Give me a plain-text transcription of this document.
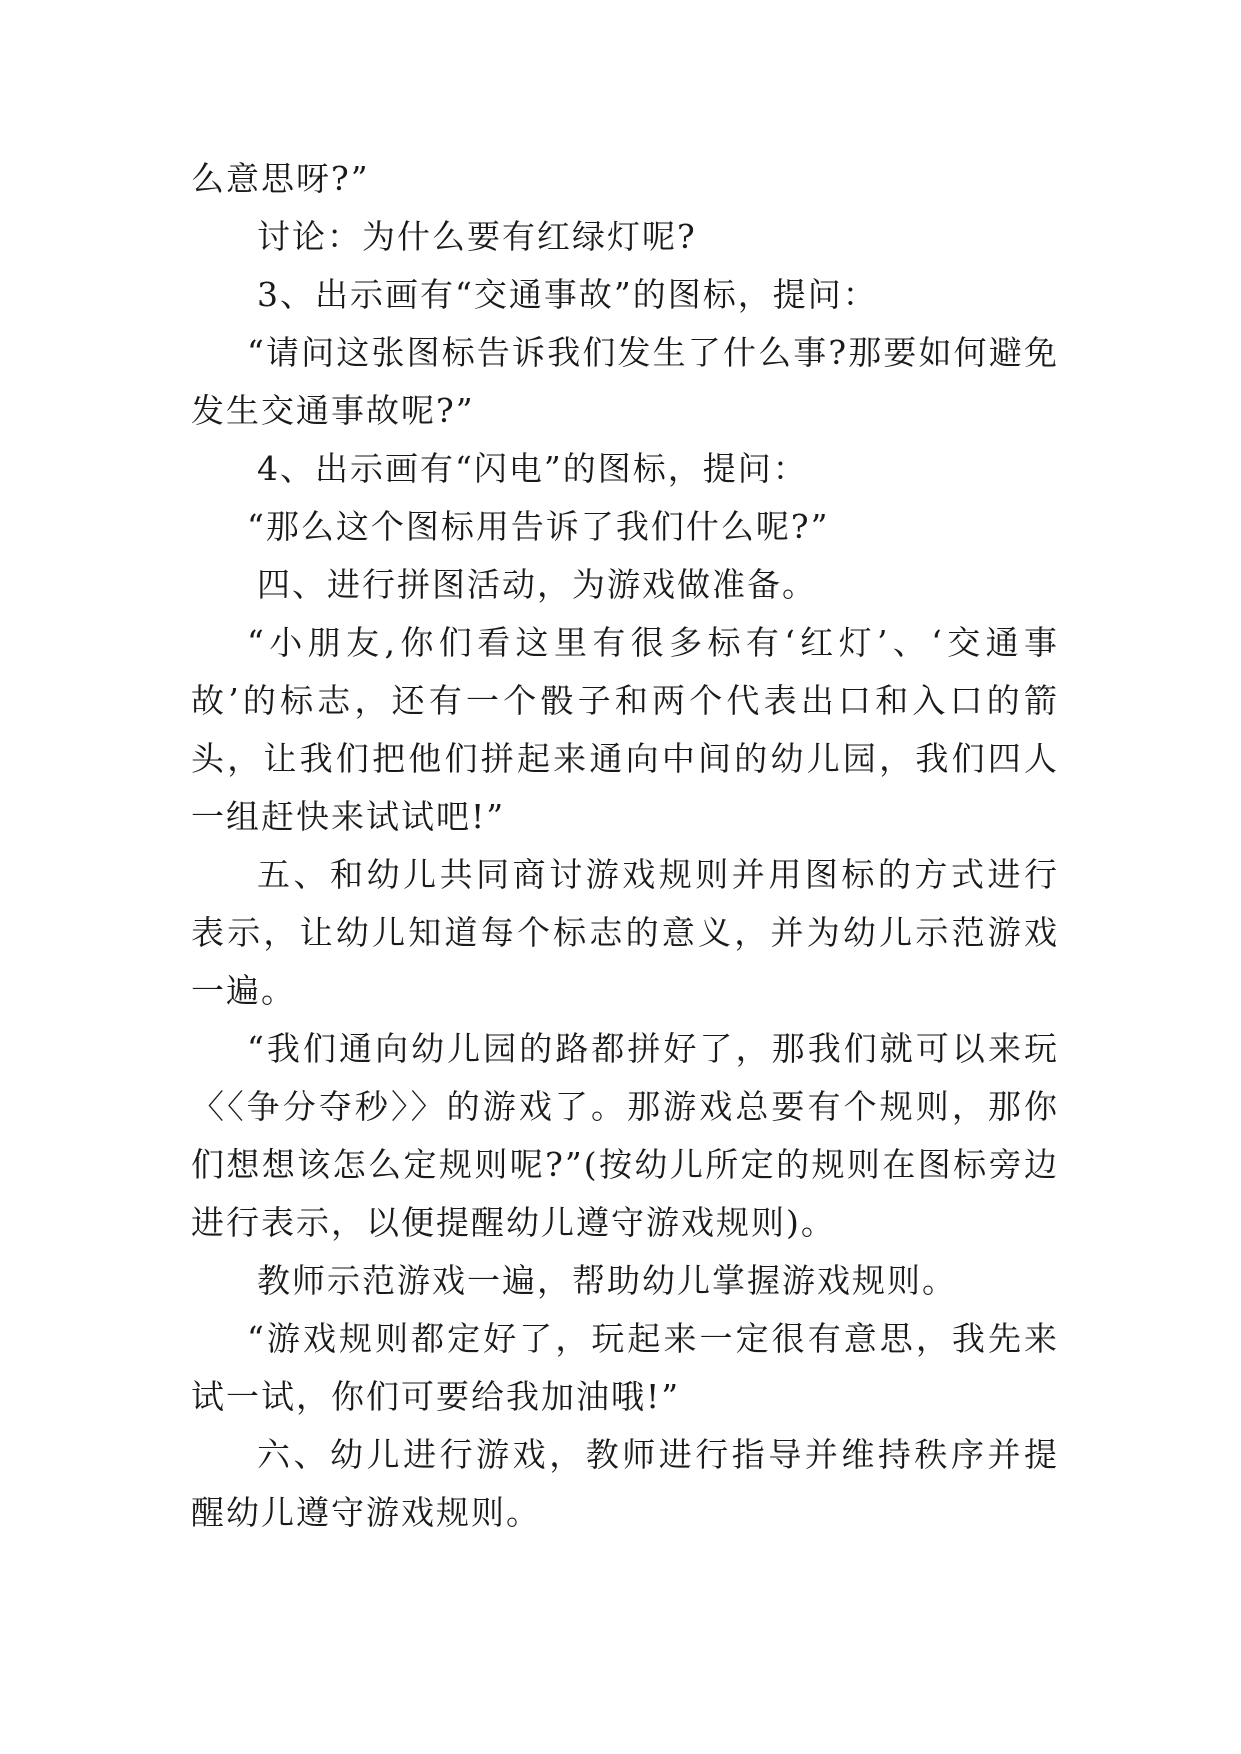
么意思呀?”

讨论：为什么要有红绿灯呢?

3、出示画有“交通事故”的图标，提问：

“请问这张图标告诉我们发生了什么事?那要如何避免发生交通事故呢?”

4、出示画有“闪电”的图标，提问：

“那么这个图标用告诉了我们什么呢?”

四、进行拼图活动，为游戏做准备。

“小朋友,你们看这里有很多标有‘红灯’、‘交通事故’的标志，还有一个骰子和两个代表出口和入口的箭头，让我们把他们拼起来通向中间的幼儿园，我们四人一组赶快来试试吧!”

五、和幼儿共同商讨游戏规则并用图标的方式进行表示，让幼儿知道每个标志的意义，并为幼儿示范游戏一遍。

“我们通向幼儿园的路都拼好了，那我们就可以来玩〈〈争分夺秒〉〉的游戏了。那游戏总要有个规则，那你们想想该怎么定规则呢?”(按幼儿所定的规则在图标旁边进行表示，以便提醒幼儿遵守游戏规则)。

教师示范游戏一遍，帮助幼儿掌握游戏规则。

“游戏规则都定好了，玩起来一定很有意思，我先来试一试，你们可要给我加油哦!”

六、幼儿进行游戏，教师进行指导并维持秩序并提醒幼儿遵守游戏规则。
